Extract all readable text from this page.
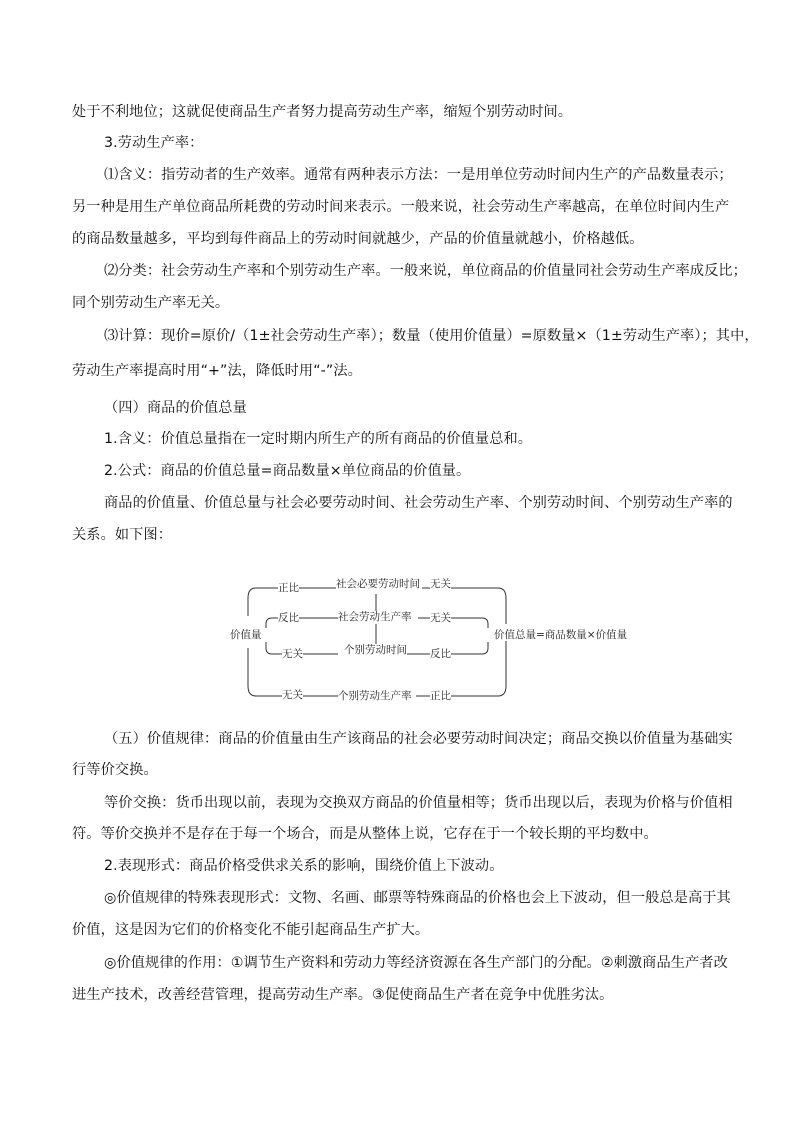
处于不利地位；这就促使商品生产者努力提高劳动生产率，缩短个别劳动时间。
3.劳动生产率：
⑴含义：指劳动者的生产效率。通常有两种表示方法：一是用单位劳动时间内生产的产品数量表示；
另一种是用生产单位商品所耗费的劳动时间来表示。一般来说，社会劳动生产率越高，在单位时间内生产
的商品数量越多，平均到每件商品上的劳动时间就越少，产品的价值量就越小，价格越低。
⑵分类：社会劳动生产率和个别劳动生产率。一般来说，单位商品的价值量同社会劳动生产率成反比；
同个别劳动生产率无关。
⑶计算：现价=原价/（1±社会劳动生产率）；数量（使用价值量）=原数量×（1±劳动生产率）；其中，
劳动生产率提高时用“+”法，降低时用“-”法。
（四）商品的价值总量
1.含义：价值总量指在一定时期内所生产的所有商品的价值量总和。
2.公式：商品的价值总量=商品数量×单位商品的价值量。
商品的价值量、价值总量与社会必要劳动时间、社会劳动生产率、个别劳动时间、个别劳动生产率的
关系。如下图：
价值量	价值总量=商品数量×价值量
社会必要劳动时间
社会劳动生产率
个别劳动时间
个别劳动生产率
正比
反比
无关
无关
无关
无关
反比
正比
（五）价值规律：商品的价值量由生产该商品的社会必要劳动时间决定；商品交换以价值量为基础实
行等价交换。
等价交换：货币出现以前，表现为交换双方商品的价值量相等；货币出现以后，表现为价格与价值相
符。等价交换并不是存在于每一个场合，而是从整体上说，它存在于一个较长期的平均数中。
2.表现形式：商品价格受供求关系的影响，围绕价值上下波动。
◎价值规律的特殊表现形式：文物、名画、邮票等特殊商品的价格也会上下波动，但一般总是高于其
价值，这是因为它们的价格变化不能引起商品生产扩大。
◎价值规律的作用：①调节生产资料和劳动力等经济资源在各生产部门的分配。②刺激商品生产者改
进生产技术，改善经营管理，提高劳动生产率。③促使商品生产者在竞争中优胜劣汰。
